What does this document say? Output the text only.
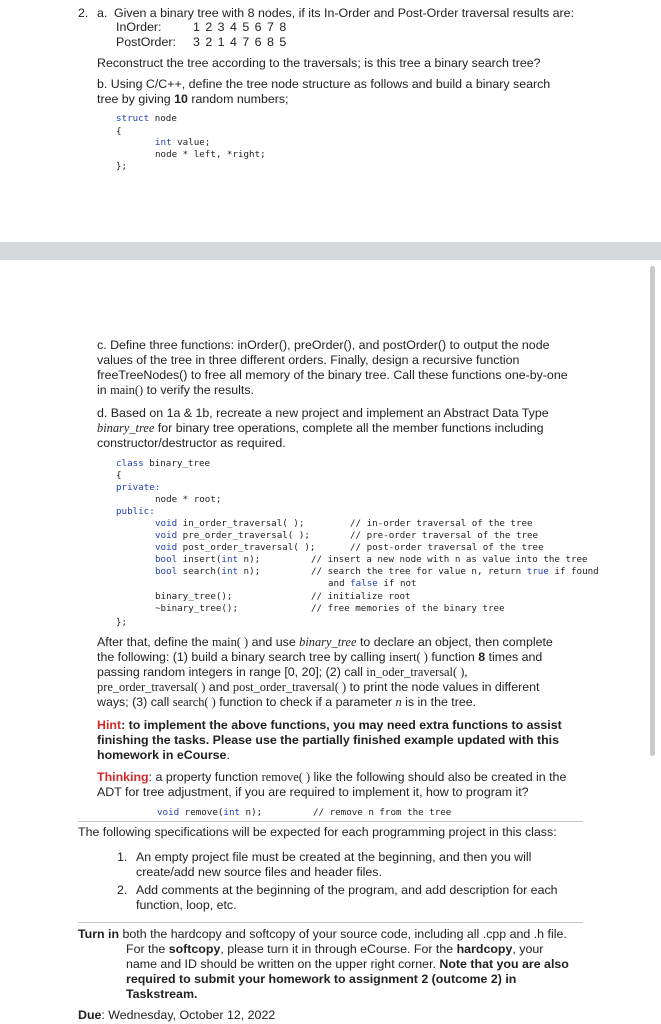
2. a. Given a binary tree with 8 nodes, if its In-Order and Post-Order traversal results are:
InOrder:	1 2 3 4 5 6 7 8
PostOrder: 3 2 1 4 7 6 8 5
Reconstruct the tree according to the traversals; is this tree a binary search tree?
b. Using C/C++, define the tree node structure as follows and build a binary search
tree by giving 10 random numbers;
struct node
{
int value;
node * left, *right;
};
c. Define three functions: inOrder(), preOrder(), and postOrder() to output the node
values of the tree in three different orders. Finally, design a recursive function
freeTreeNodes() to free all memory of the binary tree. Call these functions one-by-one
in main() to verify the results.
d. Based on 1a & 1b, recreate a new project and implement an Abstract Data Type
binary_tree for binary tree operations, complete all the member functions including
constructor/destructor as required.
class binary_tree
{
private:
node * root;
public:
void in_order_traversal( );	// in-order traversal of the tree
void pre_order_traversal( );	// pre-order traversal of the tree
void post_order_traversal( );	// post-order traversal of the tree
bool insert(int n);	// insert a new node with n as value into the tree
bool search(int n);	// search the tree for value n, return true if found
and false if not
binary_tree();	// initialize root
~binary_tree();	// free memories of the binary tree
};
After that, define the main( ) and use binary_tree to declare an object, then complete
the following: (1) build a binary search tree by calling insert( ) function 8 times and
passing random integers in range [0, 20]; (2) call in_oder_traversal( ),
pre_order_traversal( ) and post_order_traversal( ) to print the node values in different
ways; (3) call search( ) function to check if a parameter n is in the tree.
Hint: to implement the above functions, you may need extra functions to assist
finishing the tasks. Please use the partially finished example updated with this
homework in eCourse.
Thinking: a property function remove( ) like the following should also be created in the
ADT for tree adjustment, if you are required to implement it, how to program it?
void remove(int n);	// remove n from the tree
The following specifications will be expected for each programming project in this class:
1. An empty project file must be created at the beginning, and then you will
create/add new source files and header files.
2. Add comments at the beginning of the program, and add description for each
function, loop, etc.
Turn in both the hardcopy and softcopy of your source code, including all .cpp and .h file.
For the softcopy, please turn it in through eCourse. For the hardcopy, your
name and ID should be written on the upper right corner. Note that you are also
required to submit your homework to assignment 2 (outcome 2) in
Taskstream.
Due: Wednesday, October 12, 2022
